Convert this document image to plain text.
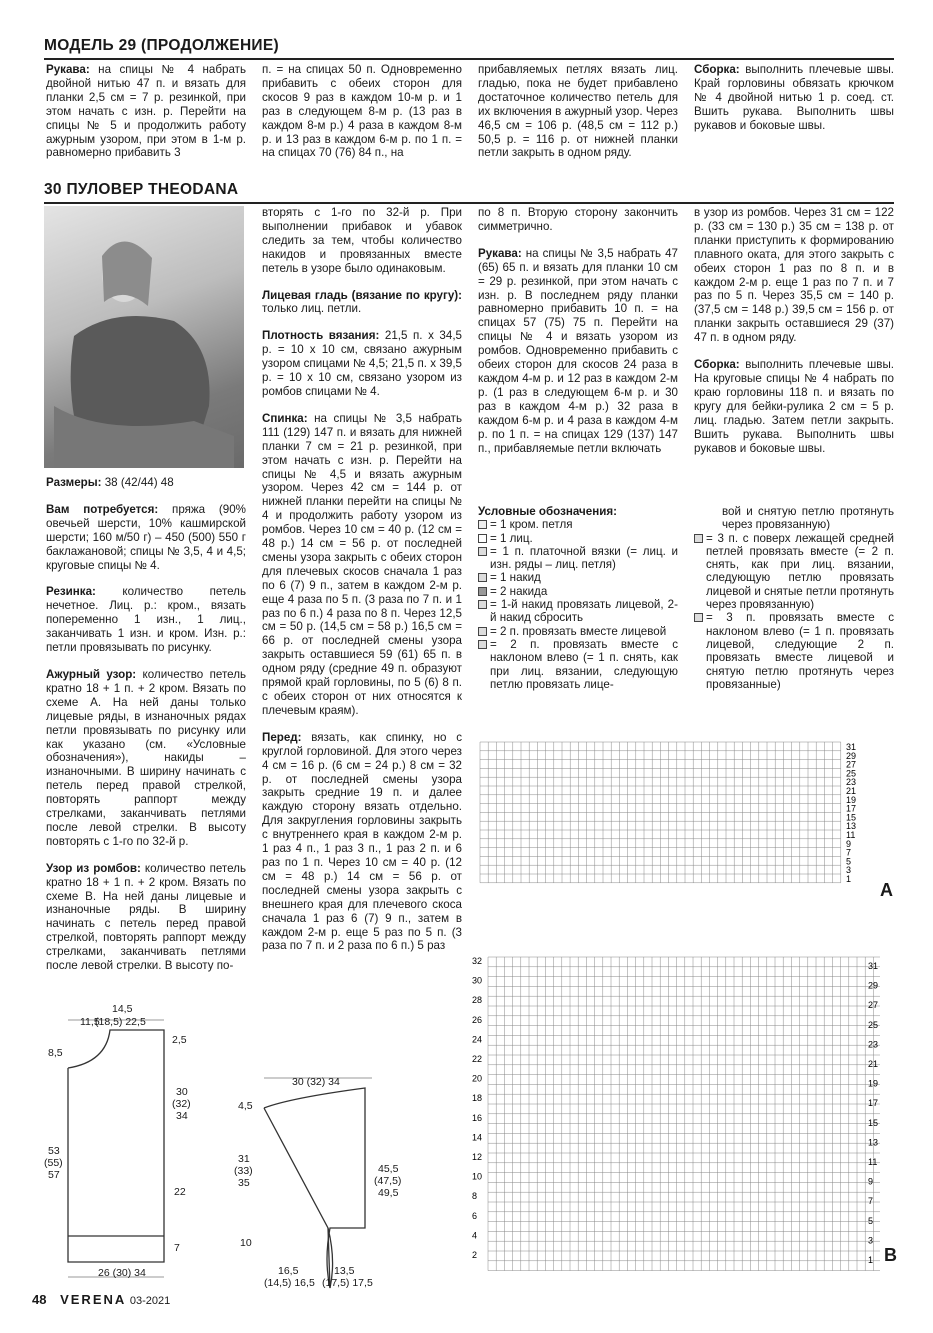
МОДЕЛЬ 29 (ПРОДОЛЖЕНИЕ)
Рукава: на спицы № 4 набрать двойной нитью 47 п. и вязать для планки 2,5 см = 7 р. резинкой, при этом начать с изн. р. Перейти на спицы № 5 и продолжить работу ажурным узором, при этом в 1-м р. равномерно прибавить 3
п. = на спицах 50 п. Одновременно прибавить с обеих сторон для скосов 9 раз в каждом 10-м р. и 1 раз в следующем 8-м р. (13 раз в каждом 8-м р.) 4 раза в каждом 8-м р. и 13 раз в каждом 6-м р. по 1 п. = на спицах 70 (76) 84 п., на
прибавляемых петлях вязать лиц. гладью, пока не будет прибавлено достаточное количество петель для их включения в ажурный узор. Через 46,5 см = 106 р. (48,5 см = 112 р.) 50,5 р. = 116 р. от нижней планки петли закрыть в одном ряду.
Сборка: выполнить плечевые швы. Край горловины обвязать крючком № 4 двойной нитью 1 р. соед. ст. Вшить рукава. Выполнить швы рукавов и боковые швы.
30 ПУЛОВЕР THEODANA

Размеры: 38 (42/44) 48

Вам потребуется: пряжа (90% овечьей шерсти, 10% кашмирской шерсти; 160 м/50 г) – 450 (500) 550 г баклажановой; спицы № 3,5, 4 и 4,5; круговые спицы № 4.

Резинка: количество петель нечетное. Лиц. р.: кром., вязать попеременно 1 изн., 1 лиц., заканчивать 1 изн. и кром. Изн. р.: петли провязывать по рисунку.

Ажурный узор: количество петель кратно 18 + 1 п. + 2 кром. Вязать по схеме А. На ней даны только лицевые ряды, в изнаночных рядах петли провязывать по рисунку или как указано (см. «Условные обозначения»), накиды – изнаночными. В ширину начинать с петель перед правой стрелкой, повторять раппорт между стрелками, заканчивать петлями после левой стрелки. В высоту повторять с 1-го по 32-й р.

Узор из ромбов: количество петель кратно 18 + 1 п. + 2 кром. Вязать по схеме В. На ней даны лицевые и изнаночные ряды. В ширину начинать с петель перед правой стрелкой, повторять раппорт между стрелками, заканчивать петлями после левой стрелки. В высоту по-

вторять с 1-го по 32-й р. При выполнении прибавок и убавок следить за тем, чтобы количество накидов и провязанных вместе петель в узоре было одинаковым.

Лицевая гладь (вязание по кругу): только лиц. петли.

Плотность вязания: 21,5 п. х 34,5 р. = 10 х 10 см, связано ажурным узором спицами № 4,5; 21,5 п. х 39,5 р. = 10 х 10 см, связано узором из ромбов спицами № 4.

Спинка: на спицы № 3,5 набрать 111 (129) 147 п. и вязать для нижней планки 7 см = 21 р. резинкой, при этом начать с изн. р. Перейти на спицы № 4,5 и вязать ажурным узором. Через 42 см = 144 р. от нижней планки перейти на спицы № 4 и продолжить работу узором из ромбов. Через 10 см = 40 р. (12 см = 48 р.) 14 см = 56 р. от последней смены узора закрыть с обеих сторон для плечевых скосов сначала 1 раз по 6 (7) 9 п., затем в каждом 2-м р. еще 4 раза по 5 п. (3 раза по 7 п. и 1 раз по 6 п.) 4 раза по 8 п. Через 12,5 см = 50 р. (14,5 см = 58 р.) 16,5 см = 66 р. от последней смены узора закрыть оставшиеся 59 (61) 65 п. в одном ряду (средние 49 п. образуют прямой край горловины, по 5 (6) 8 п. с обеих сторон от них относятся к плечевым краям).

Перед: вязать, как спинку, но с круглой горловиной. Для этого через 4 см = 16 р. (6 см = 24 р.) 8 см = 32 р. от последней смены узора закрыть средние 19 п. и далее каждую сторону вязать отдельно. Для закругления горловины закрыть с внутреннего края в каждом 2-м р. 1 раз 4 п., 1 раз 3 п., 1 раз 2 п. и 6 раз по 1 п. Через 10 см = 40 р. (12 см = 48 р.) 14 см = 56 р. от последней смены узора закрыть с внешнего края для плечевого скоса сначала 1 раз 6 (7) 9 п., затем в каждом 2-м р. еще 5 раз по 5 п. (3 раза по 7 п. и 2 раза по 6 п.) 5 раз

по 8 п. Вторую сторону закончить симметрично.

Рукава: на спицы № 3,5 набрать 47 (65) 65 п. и вязать для планки 10 см = 29 р. резинкой, при этом начать с изн. р. В последнем ряду планки равномерно прибавить 10 п. = на спицах 57 (75) 75 п. Перейти на спицы № 4 и вязать узором из ромбов. Одновременно прибавить с обеих сторон для скосов 24 раза в каждом 4-м р. и 12 раз в каждом 2-м р. (1 раз в следующем 6-м р. и 30 раз в каждом 4-м р.) 32 раза в каждом 6-м р. и 4 раза в каждом 4-м р. по 1 п. = на спицах 129 (137) 147 п., прибавляемые петли включать

Условные обозначения:
= 1 кром. петля
= 1 лиц.
= 1 п. платочной вязки (= лиц. и изн. ряды – лиц. петля)
= 1 накид
= 2 накида
= 1-й накид провязать лицевой, 2-й накид сбросить
= 2 п. провязать вместе лицевой
= 2 п. провязать вместе с наклоном влево (= 1 п. снять, как при лиц. вязании, следующую петлю провязать лице-

в узор из ромбов. Через 31 см = 122 р. (33 см = 130 р.) 35 см = 138 р. от планки приступить к формированию плавного оката, для этого закрыть с обеих сторон 1 раз по 8 п. и в каждом 2-м р. еще 1 раз по 7 п. и 7 раз по 5 п. Через 35,5 см = 140 р. (37,5 см = 148 р.) 39,5 см = 156 р. от планки закрыть оставшиеся 29 (37) 47 п. в одном ряду.

Сборка: выполнить плечевые швы. На круговые спицы № 4 набрать по краю горловины 118 п. и вязать по кругу для бейки-рулика 2 см = 5 р. лиц. гладью. Затем петли закрыть. Вшить рукава. Выполнить швы рукавов и боковые швы.

вой и снятую петлю протянуть через провязанную)
= 3 п. с поверх лежащей средней петлей провязать вместе (= 2 п. снять, как при лиц. вязании, следующую петлю провязать лицевой и снятые петли протянуть через провязанную)
= 3 п. провязать вместе с наклоном влево (= 1 п. провязать лицевой, следующие 2 п. провязать вместе лицевой и снятую петлю протянуть через провязанные)
31
29
27
25
23
21
19
17
15
13
11
9
7
5
3
1
A
31
29
27
25
23
21
19
17
15
13
11
9
7
5
3
1
32
30
28
26
24
22
20
18
16
14
12
10
8
6
4
2	B
14,5
(18,5) 22,5
11,5
2,5
8,5
30
(32)
34
53
(55)
57
22
7
26 (30) 34
30 (32) 34
4,5
31
(33)
35
45,5
(47,5)
49,5
10
16,5
(14,5) 16,5
13,5
(17,5) 17,5
48 VERENA 03-2021
